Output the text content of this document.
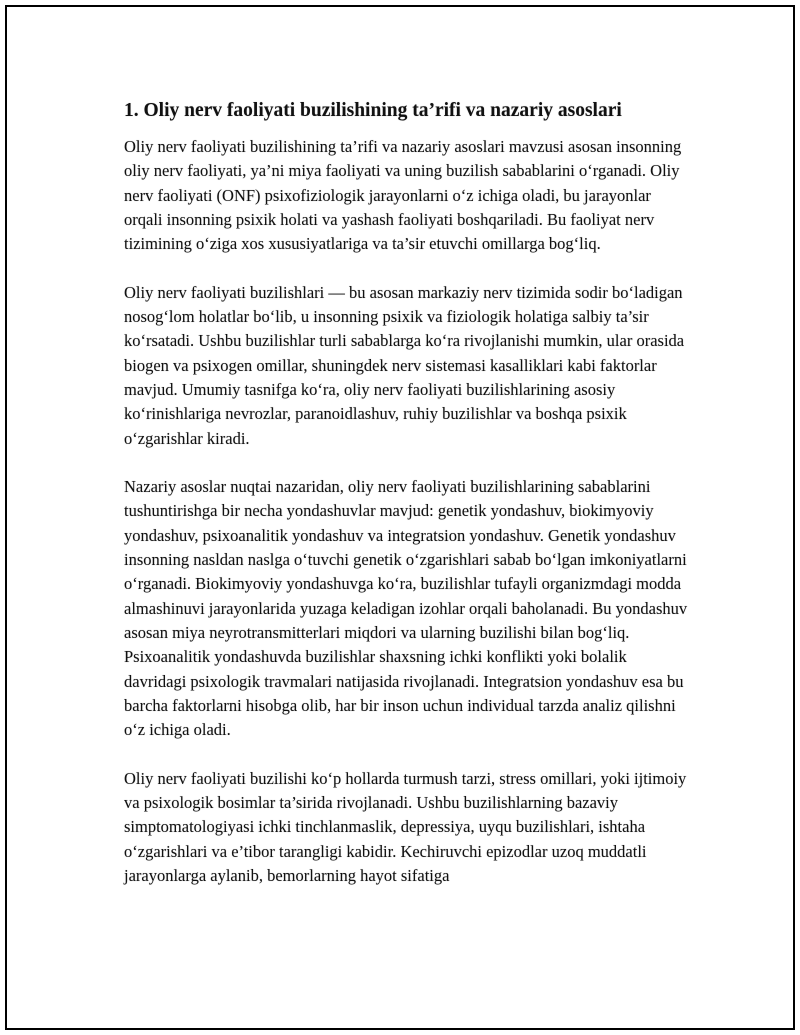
1. Oliy nerv faoliyati buzilishining ta’rifi va nazariy asoslari

Oliy nerv faoliyati buzilishining ta’rifi va nazariy asoslari mavzusi asosan insonning oliy nerv faoliyati, ya’ni miya faoliyati va uning buzilish sabablarini o‘rganadi. Oliy nerv faoliyati (ONF) psixofiziologik jarayonlarni o‘z ichiga oladi, bu jarayonlar orqali insonning psixik holati va yashash faoliyati boshqariladi. Bu faoliyat nerv tizimining o‘ziga xos xususiyatlariga va ta’sir etuvchi omillarga bog‘liq.

Oliy nerv faoliyati buzilishlari — bu asosan markaziy nerv tizimida sodir bo‘ladigan nosog‘lom holatlar bo‘lib, u insonning psixik va fiziologik holatiga salbiy ta’sir ko‘rsatadi. Ushbu buzilishlar turli sabablarga ko‘ra rivojlanishi mumkin, ular orasida biogen va psixogen omillar, shuningdek nerv sistemasi kasalliklari kabi faktorlar mavjud. Umumiy tasnifga ko‘ra, oliy nerv faoliyati buzilishlarining asosiy ko‘rinishlariga nevrozlar, paranoidlashuv, ruhiy buzilishlar va boshqa psixik o‘zgarishlar kiradi.

Nazariy asoslar nuqtai nazaridan, oliy nerv faoliyati buzilishlarining sabablarini tushuntirishga bir necha yondashuvlar mavjud: genetik yondashuv, biokimyoviy yondashuv, psixoanalitik yondashuv va integratsion yondashuv. Genetik yondashuv insonning nasldan naslga o‘tuvchi genetik o‘zgarishlari sabab bo‘lgan imkoniyatlarni o‘rganadi. Biokimyoviy yondashuvga ko‘ra, buzilishlar tufayli organizmdagi modda almashinuvi jarayonlarida yuzaga keladigan izohlar orqali baholanadi. Bu yondashuv asosan miya neyrotransmitterlari miqdori va ularning buzilishi bilan bog‘liq. Psixoanalitik yondashuvda buzilishlar shaxsning ichki konflikti yoki bolalik davridagi psixologik travmalari natijasida rivojlanadi. Integratsion yondashuv esa bu barcha faktorlarni hisobga olib, har bir inson uchun individual tarzda analiz qilishni o‘z ichiga oladi.

Oliy nerv faoliyati buzilishi ko‘p hollarda turmush tarzi, stress omillari, yoki ijtimoiy va psixologik bosimlar ta’sirida rivojlanadi. Ushbu buzilishlarning bazaviy simptomatologiyasi ichki tinchlanmaslik, depressiya, uyqu buzilishlari, ishtaha o‘zgarishlari va e’tibor tarangligi kabidir. Kechiruvchi epizodlar uzoq muddatli jarayonlarga aylanib, bemorlarning hayot sifatiga
